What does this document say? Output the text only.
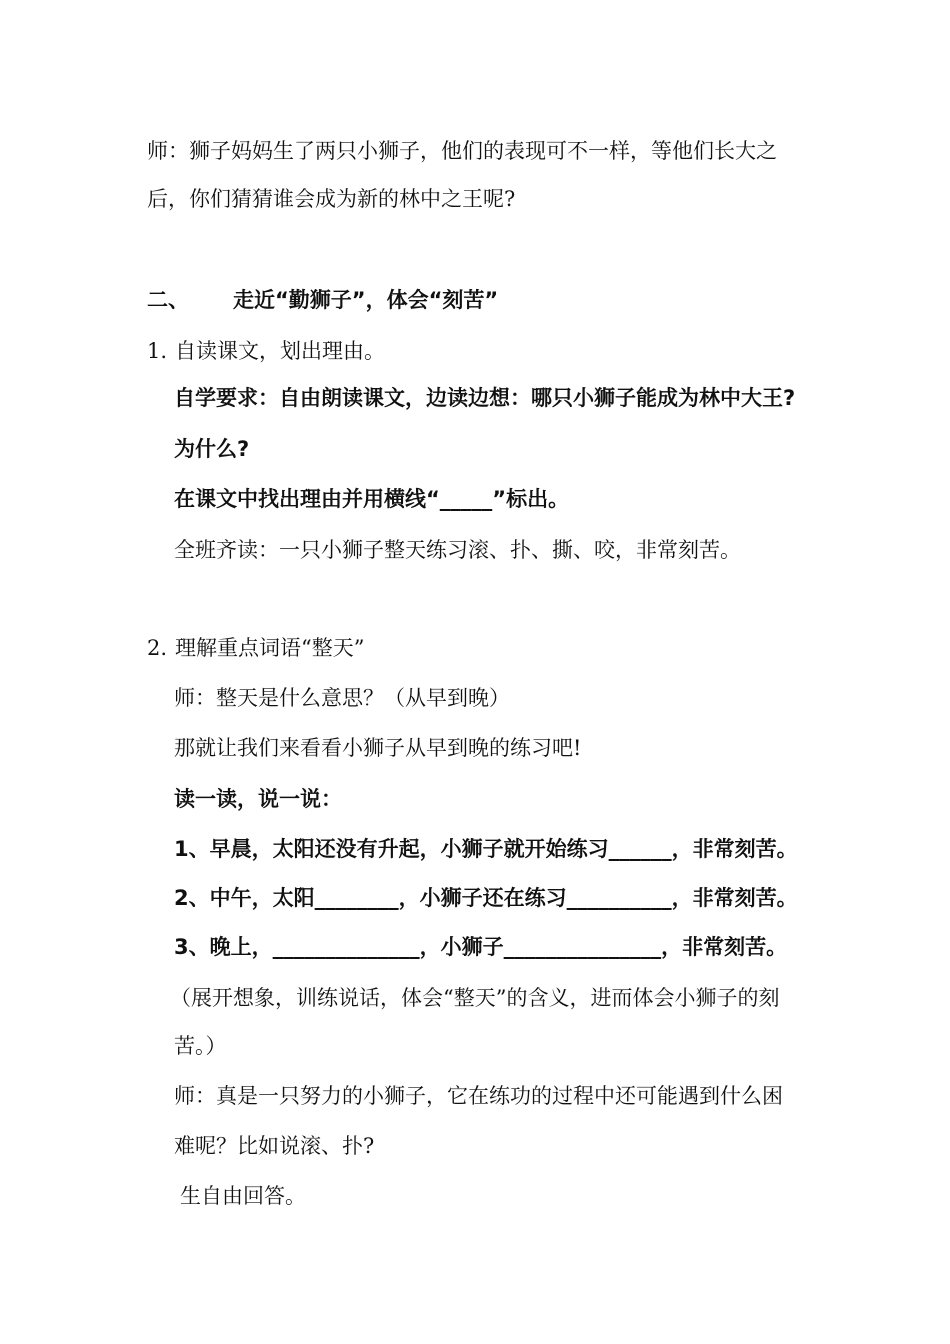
师：狮子妈妈生了两只小狮子，他们的表现可不一样，等他们长大之
后，你们猜猜谁会成为新的林中之王呢?
二、 走近“勤狮子”，体会“刻苦”
1. 自读课文，划出理由。
自学要求：自由朗读课文，边读边想：哪只小狮子能成为林中大王?
为什么?
在课文中找出理由并用横线“_____”标出。
全班齐读：一只小狮子整天练习滚、扑、撕、咬，非常刻苦。
2. 理解重点词语“整天”
师：整天是什么意思？（从早到晚）
那就让我们来看看小狮子从早到晚的练习吧!
读一读，说一说：
1、早晨，太阳还没有升起，小狮子就开始练习______，非常刻苦。
2、中午，太阳________，小狮子还在练习__________，非常刻苦。
3、晚上，______________，小狮子_______________，非常刻苦。
（展开想象，训练说话，体会“整天”的含义，进而体会小狮子的刻
苦。）
师：真是一只努力的小狮子，它在练功的过程中还可能遇到什么困
难呢？比如说滚、扑?
生自由回答。
